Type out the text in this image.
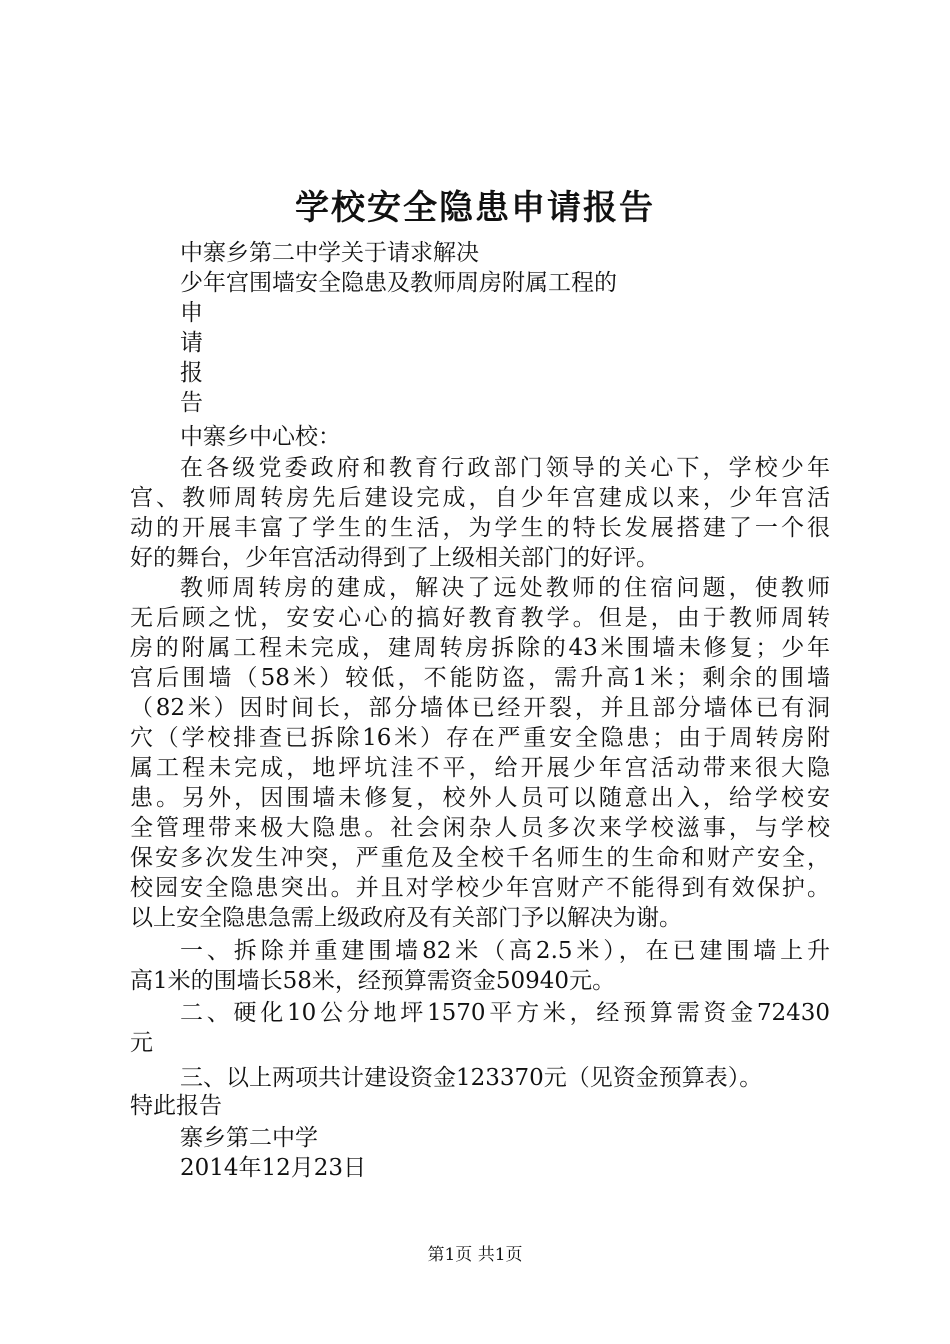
学校安全隐患申请报告
中寨乡第二中学关于请求解决
少年宫围墙安全隐患及教师周房附属工程的
申
请
报
告
中寨乡中心校：
在各级党委政府和教育行政部门领导的关心下，学校少年
宫、教师周转房先后建设完成，自少年宫建成以来，少年宫活
动的开展丰富了学生的生活，为学生的特长发展搭建了一个很
好的舞台，少年宫活动得到了上级相关部门的好评。
教师周转房的建成，解决了远处教师的住宿问题，使教师
无后顾之忧，安安心心的搞好教育教学。但是，由于教师周转
房的附属工程未完成，建周转房拆除的43米围墙未修复；少年
宫后围墙（58米）较低，不能防盗，需升高1米；剩余的围墙
（82米）因时间长，部分墙体已经开裂，并且部分墙体已有洞
穴（学校排查已拆除16米）存在严重安全隐患；由于周转房附
属工程未完成，地坪坑洼不平，给开展少年宫活动带来很大隐
患。另外，因围墙未修复，校外人员可以随意出入，给学校安
全管理带来极大隐患。社会闲杂人员多次来学校滋事，与学校
保安多次发生冲突，严重危及全校千名师生的生命和财产安全，
校园安全隐患突出。并且对学校少年宫财产不能得到有效保护。
以上安全隐患急需上级政府及有关部门予以解决为谢。
一、拆除并重建围墙82米（高2.5米），在已建围墙上升
高1米的围墙长58米，经预算需资金50940元。
二、硬化10公分地坪1570平方米，经预算需资金72430
元
三、以上两项共计建设资金123370元（见资金预算表）。
特此报告
寨乡第二中学
2014年12月23日
第1页 共1页
